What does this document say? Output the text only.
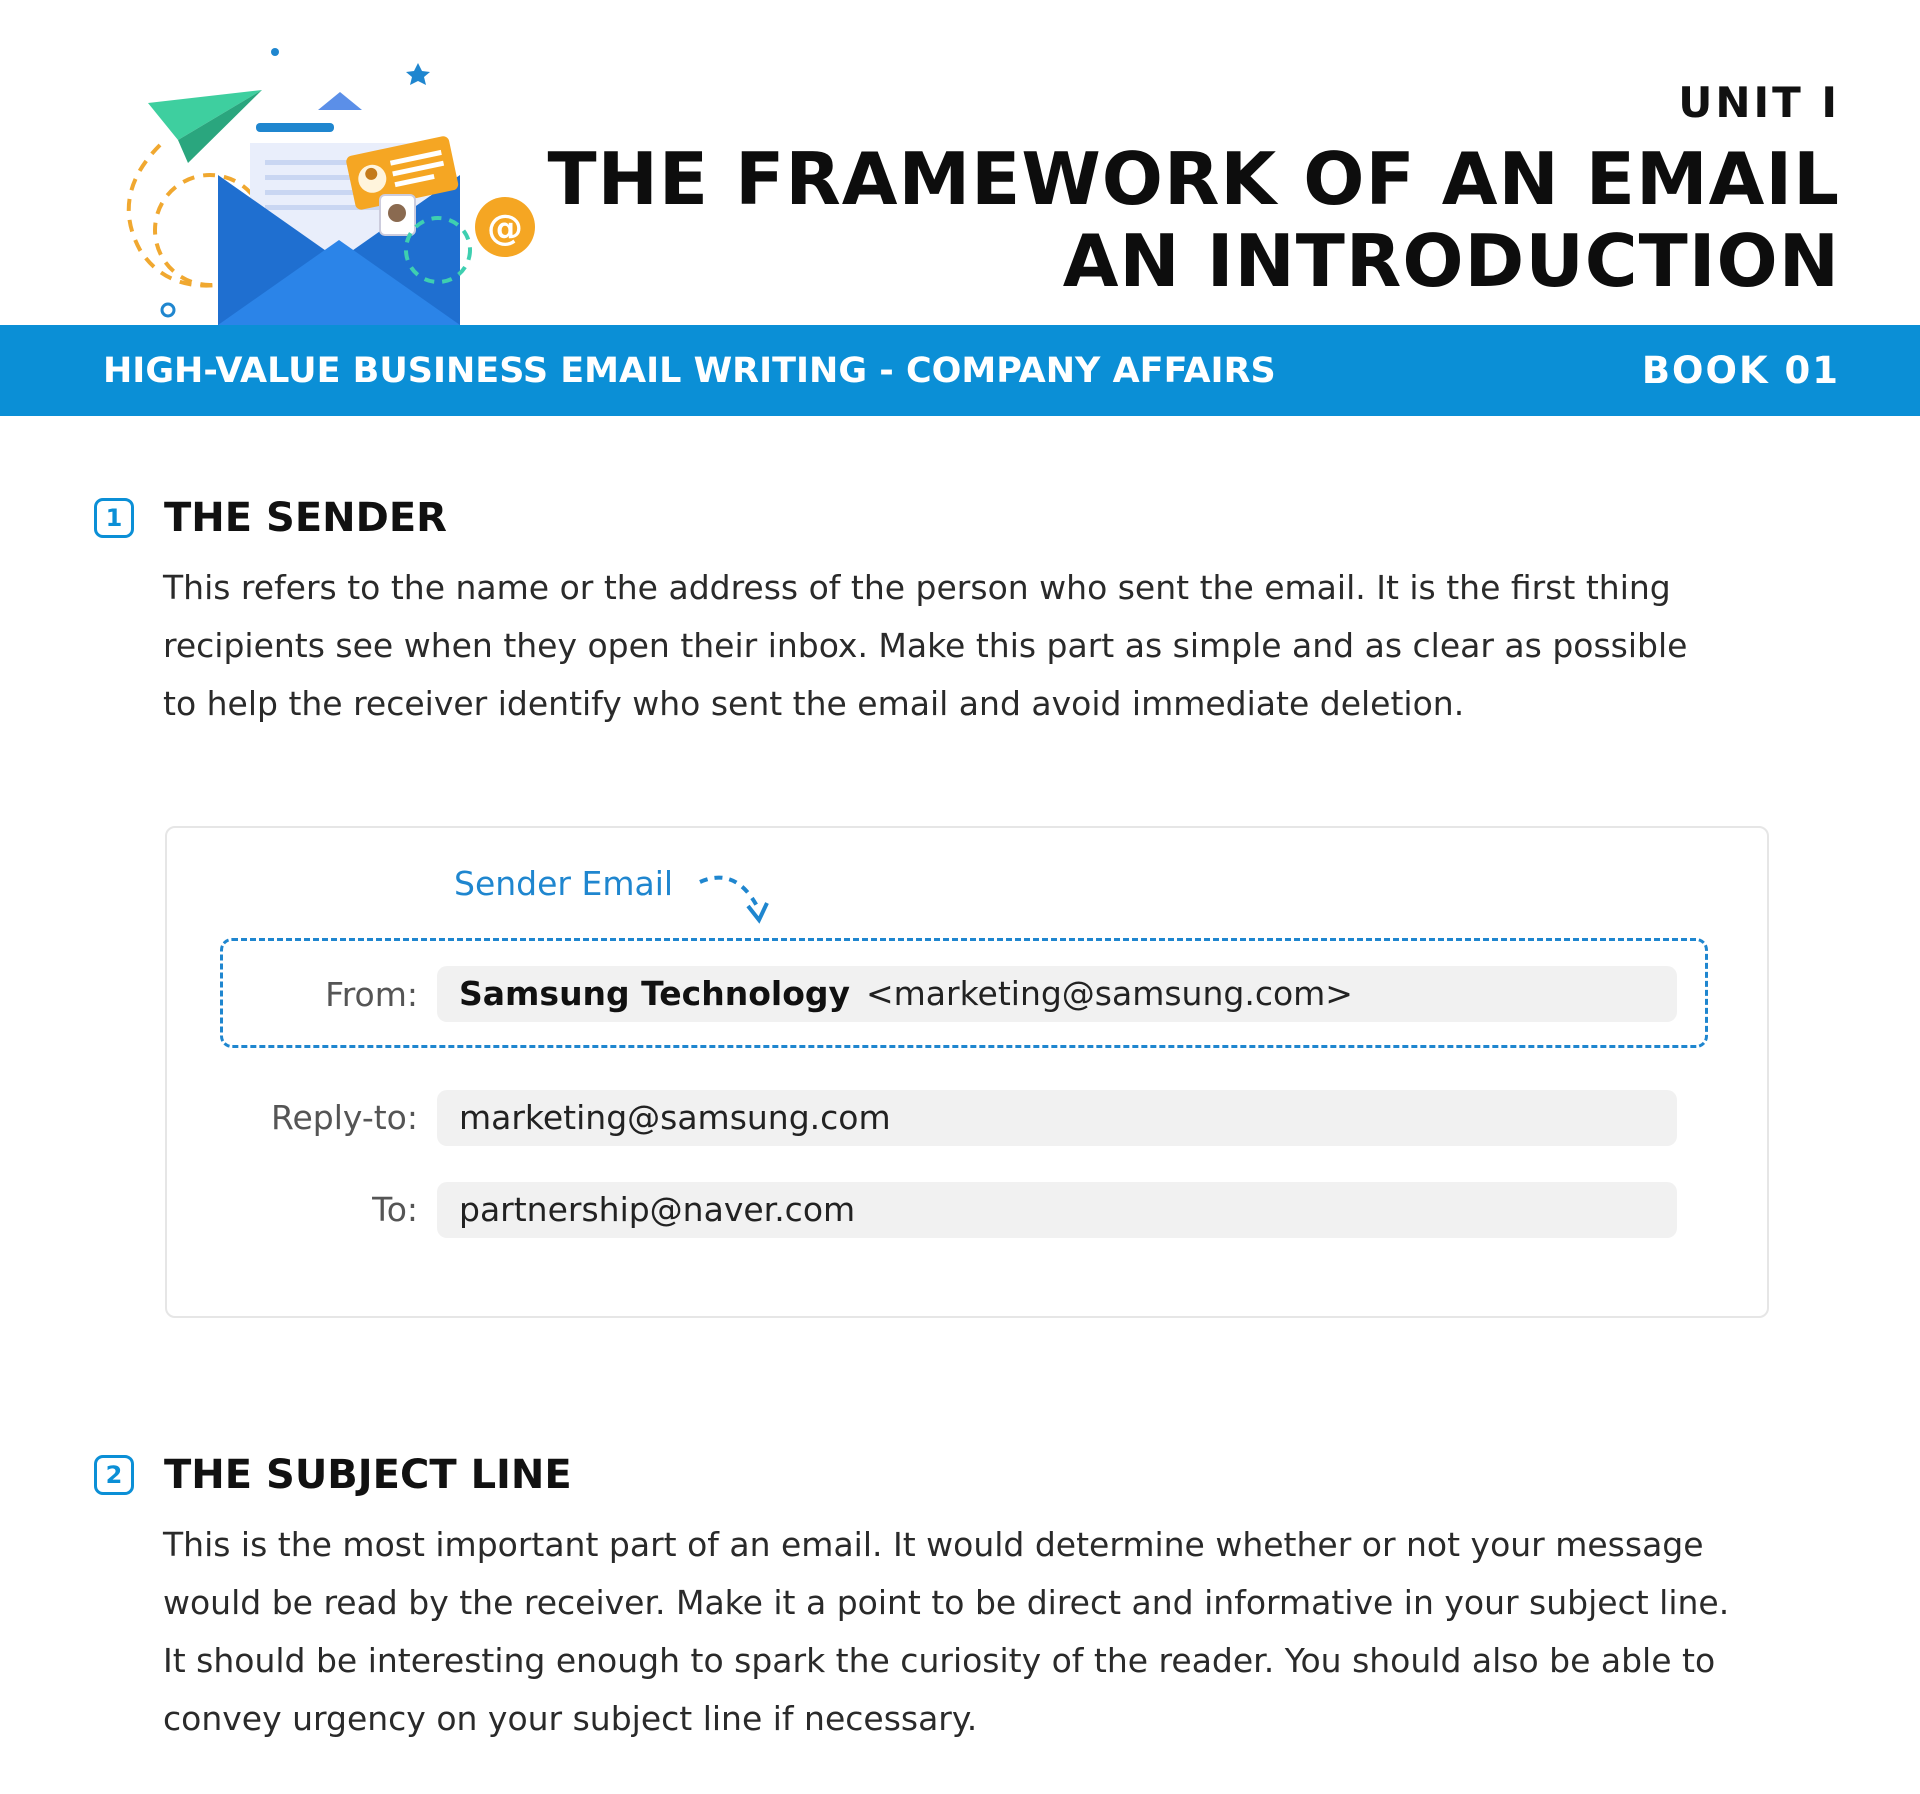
@
UNIT I
THE FRAMEWORK OF AN EMAIL
AN INTRODUCTION
HIGH-VALUE BUSINESS EMAIL WRITING - COMPANY AFFAIRS	BOOK 01
1 THE SENDER
This refers to the name or the address of the person who sent the email. It is the first thing
recipients see when they open their inbox. Make this part as simple and as clear as possible
to help the receiver identify who sent the email and avoid immediate deletion.
Sender Email
From: Samsung Technology <marketing@samsung.com>
Reply-to: marketing@samsung.com
To: partnership@naver.com
2 THE SUBJECT LINE
This is the most important part of an email. It would determine whether or not your message
would be read by the receiver. Make it a point to be direct and informative in your subject line.
It should be interesting enough to spark the curiosity of the reader. You should also be able to
convey urgency on your subject line if necessary.
